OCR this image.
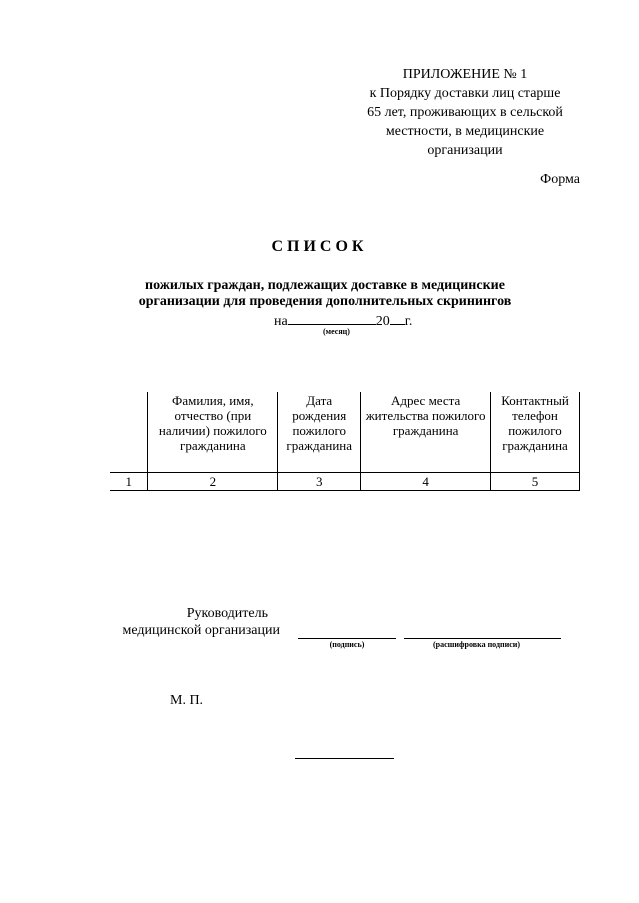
ПРИЛОЖЕНИЕ № 1
к Порядку доставки лиц старше
65 лет, проживающих в сельской
местности, в медицинские
организации
Форма
СПИСОК
пожилых граждан, подлежащих доставке в медицинские
организации для проведения дополнительных скринингов
на	20 г.
(месяц)
	Фамилия, имя, отчество (при наличии) пожилого гражданина	Дата рождения пожилого гражданина	Адрес места жительства пожилого гражданина	Контактный телефон пожилого гражданина
1	2	3	4	5
Руководитель
медицинской организации
(подпись)	(расшифровка подписи)
М. П.
